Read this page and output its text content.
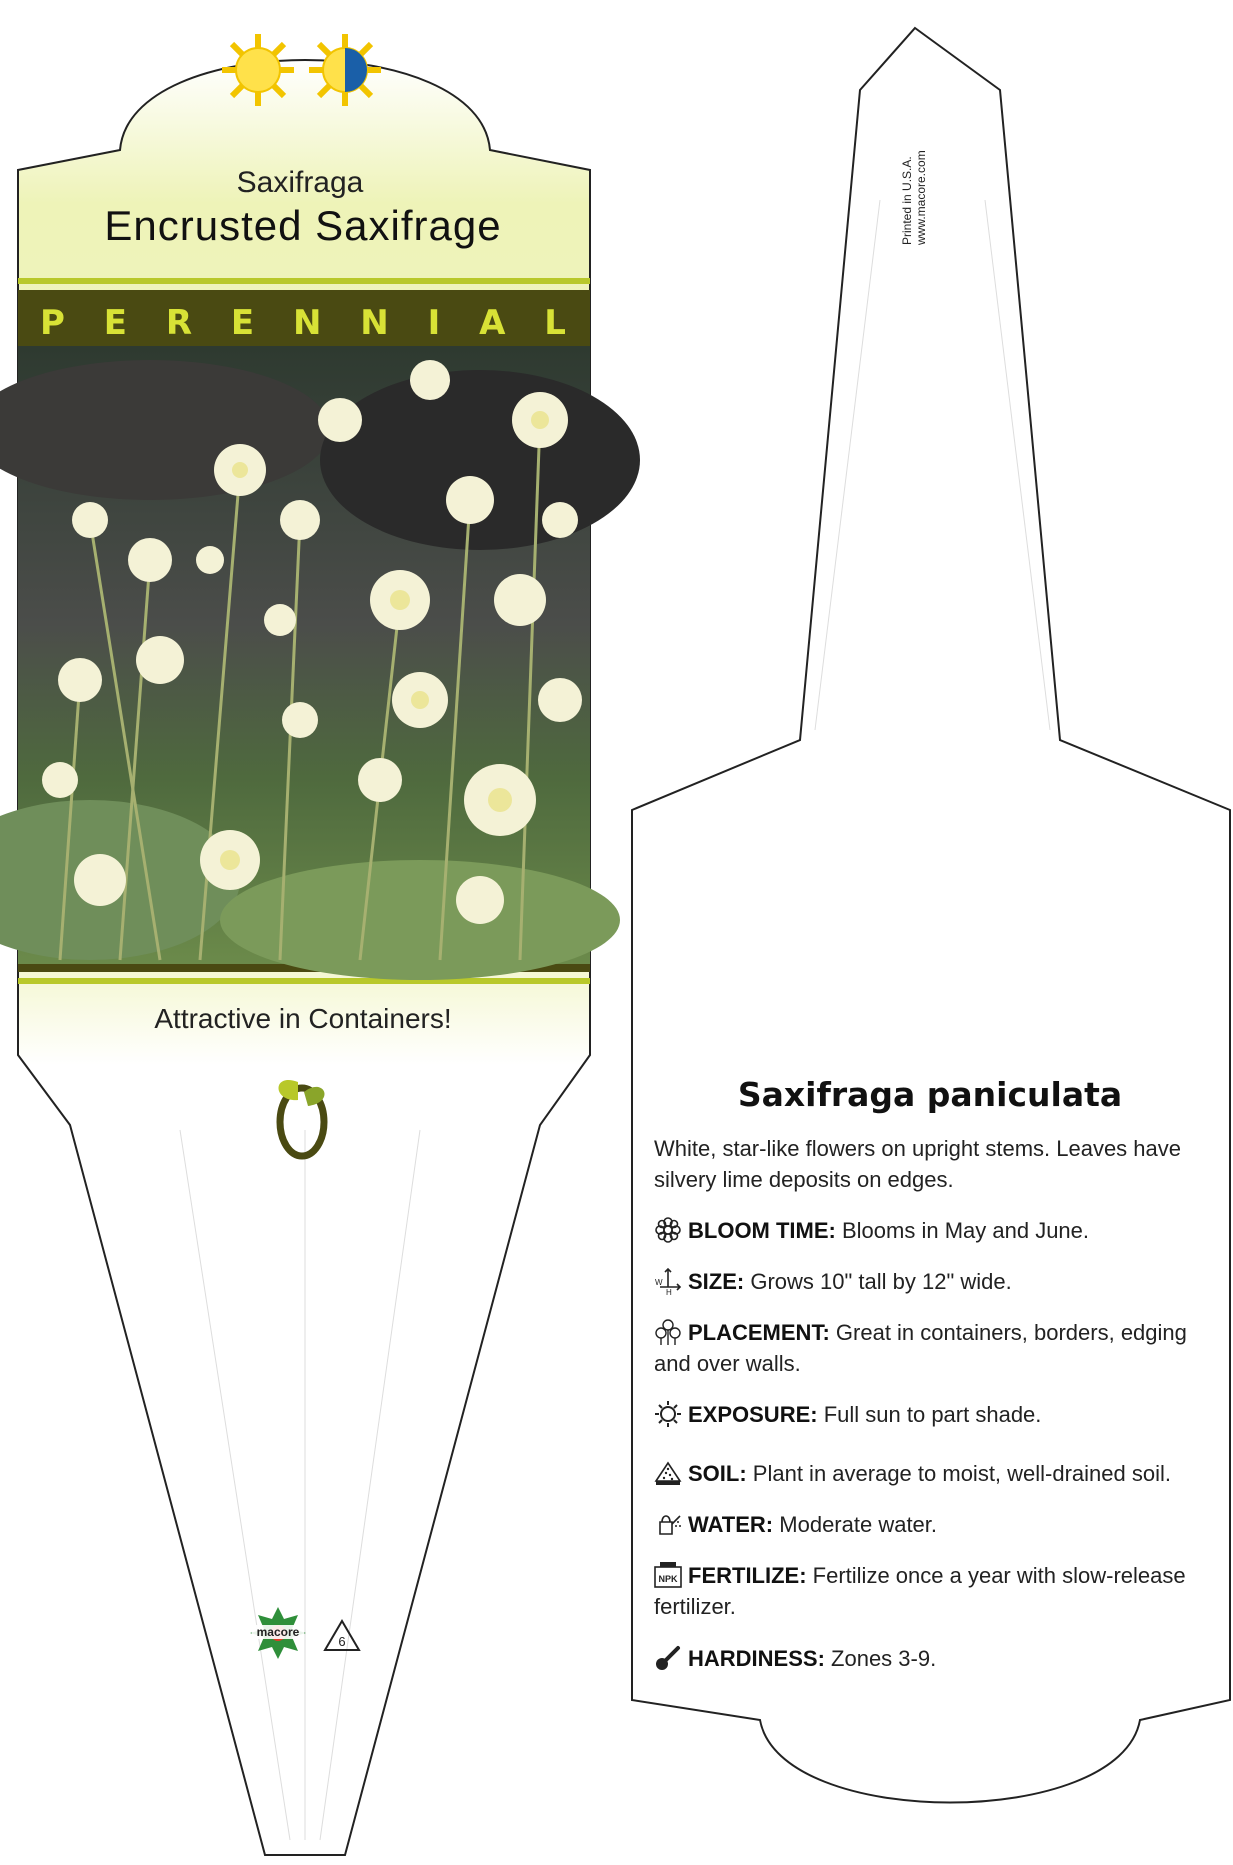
Saxifraga
Encrusted Saxifrage
P E R E N N I A L
Attractive in Containers!
macore
6
Printed in U.S.A. www.macore.com
Saxifraga paniculata
White, star-like flowers on upright stems. Leaves have silvery lime deposits on edges.
BLOOM TIME: Blooms in May and June.
W
H SIZE: Grows 10" tall by 12" wide.
PLACEMENT: Great in containers, borders, edging and over walls.
EXPOSURE: Full sun to part shade.
SOIL: Plant in average to moist, well-drained soil.
WATER: Moderate water.
NPK FERTILIZE: Fertilize once a year with slow-release fertilizer.
HARDINESS: Zones 3-9.
